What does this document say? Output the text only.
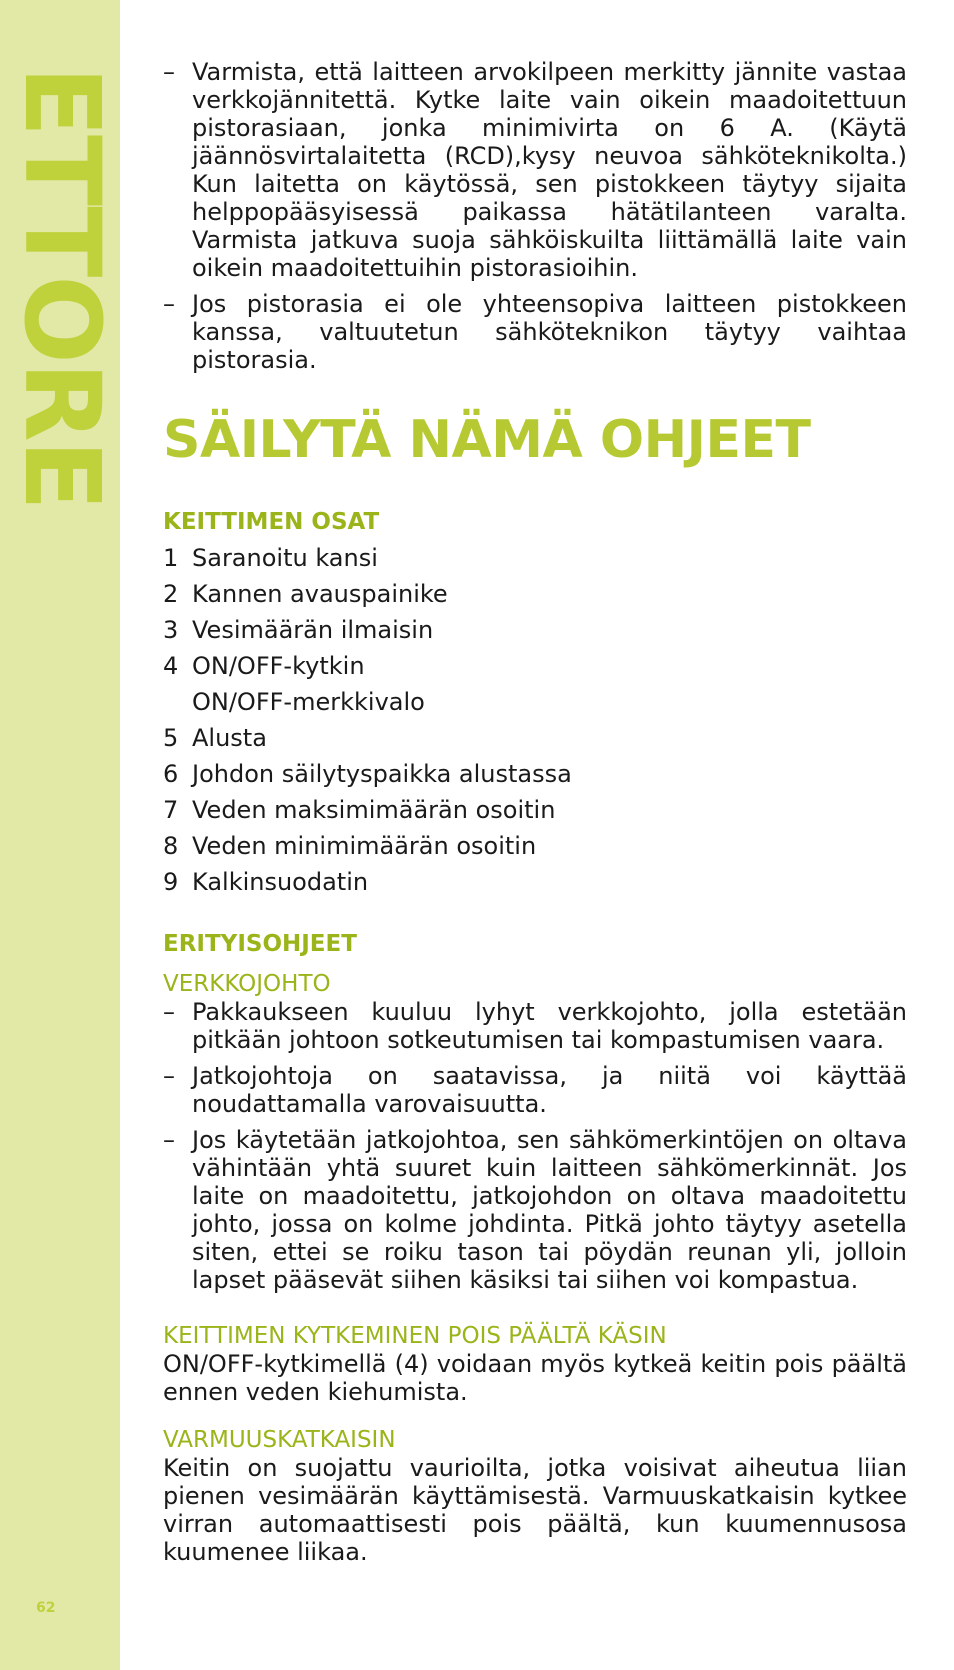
ETTORE
62
– Varmista, että laitteen arvokilpeen merkitty jännite vastaa verkkojännitettä. Kytke laite vain oikein maadoitettuun pistorasiaan, jonka minimivirta on 6 A. (Käytä jäännösvirtalaitetta (RCD),kysy neuvoa sähköteknikolta.) Kun laitetta on käytössä, sen pistokkeen täytyy sijaita helppopääsyisessä paikassa hätätilanteen varalta. Varmista jatkuva suoja sähköiskuilta liittämällä laite vain oikein maadoitettuihin pistorasioihin.
– Jos pistorasia ei ole yhteensopiva laitteen pistokkeen kanssa, valtuutetun sähköteknikon täytyy vaihtaa pistorasia.
SÄILYTÄ NÄMÄ OHJEET
KEITTIMEN OSAT
1 Saranoitu kansi
2 Kannen avauspainike
3 Vesimäärän ilmaisin
4 ON/OFF-kytkin
ON/OFF-merkkivalo
5 Alusta
6 Johdon säilytyspaikka alustassa
7 Veden maksimimäärän osoitin
8 Veden minimimäärän osoitin
9 Kalkinsuodatin
ERITYISOHJEET
VERKKOJOHTO
– Pakkaukseen kuuluu lyhyt verkkojohto, jolla estetään pitkään johtoon sotkeutumisen tai kompastumisen vaara.
– Jatkojohtoja on saatavissa, ja niitä voi käyttää noudattamalla varovaisuutta.
– Jos käytetään jatkojohtoa, sen sähkömerkintöjen on oltava vähintään yhtä suuret kuin laitteen sähkömerkinnät. Jos laite on maadoitettu, jatkojohdon on oltava maadoitettu johto, jossa on kolme johdinta. Pitkä johto täytyy asetella siten, ettei se roiku tason tai pöydän reunan yli, jolloin lapset pääsevät siihen käsiksi tai siihen voi kompastua.
KEITTIMEN KYTKEMINEN POIS PÄÄLTÄ KÄSIN

ON/OFF-kytkimellä (4) voidaan myös kytkeä keitin pois päältä ennen veden kiehumista.

VARMUUSKATKAISIN

Keitin on suojattu vaurioilta, jotka voisivat aiheutua liian pienen vesimäärän käyttämisestä. Varmuuskatkaisin kytkee virran automaattisesti pois päältä, kun kuumennusosa kuumenee liikaa.
